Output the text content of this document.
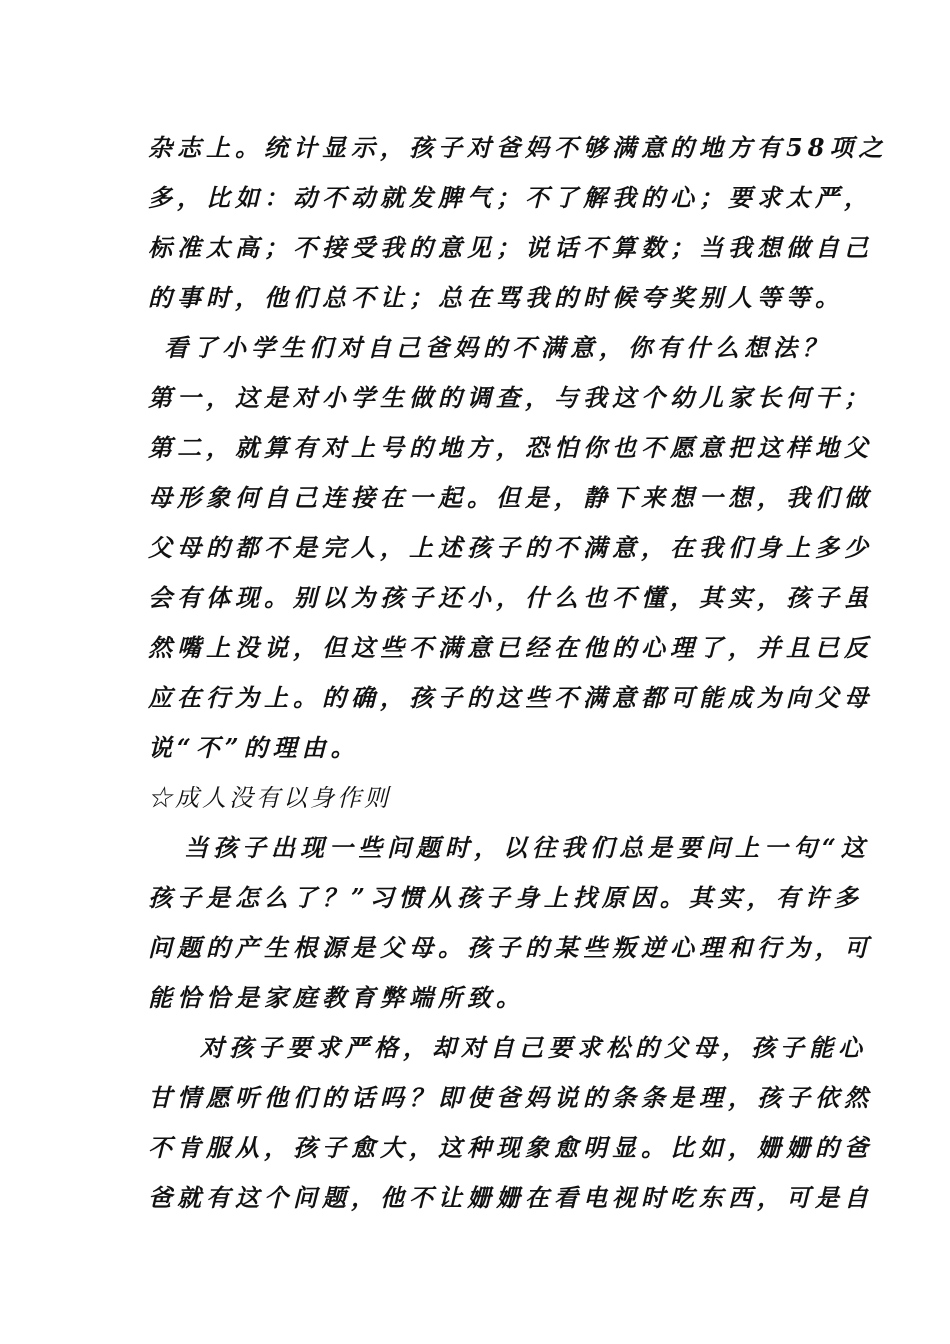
杂志上。统计显示，孩子对爸妈不够满意的地方有58项之
多，比如：动不动就发脾气；不了解我的心；要求太严，
标准太高；不接受我的意见；说话不算数；当我想做自己
的事时，他们总不让；总在骂我的时候夸奖别人等等。
看了小学生们对自己爸妈的不满意，你有什么想法？
第一，这是对小学生做的调查，与我这个幼儿家长何干；
第二，就算有对上号的地方，恐怕你也不愿意把这样地父
母形象何自己连接在一起。但是，静下来想一想，我们做
父母的都不是完人，上述孩子的不满意，在我们身上多少
会有体现。别以为孩子还小，什么也不懂，其实，孩子虽
然嘴上没说，但这些不满意已经在他的心理了，并且已反
应在行为上。的确，孩子的这些不满意都可能成为向父母
说“不”的理由。
☆成人没有以身作则
当孩子出现一些问题时，以往我们总是要问上一句“这
孩子是怎么了？”习惯从孩子身上找原因。其实，有许多
问题的产生根源是父母。孩子的某些叛逆心理和行为，可
能恰恰是家庭教育弊端所致。
对孩子要求严格，却对自己要求松的父母，孩子能心
甘情愿听他们的话吗？即使爸妈说的条条是理，孩子依然
不肯服从，孩子愈大，这种现象愈明显。比如，姗姗的爸
爸就有这个问题，他不让姗姗在看电视时吃东西，可是自
